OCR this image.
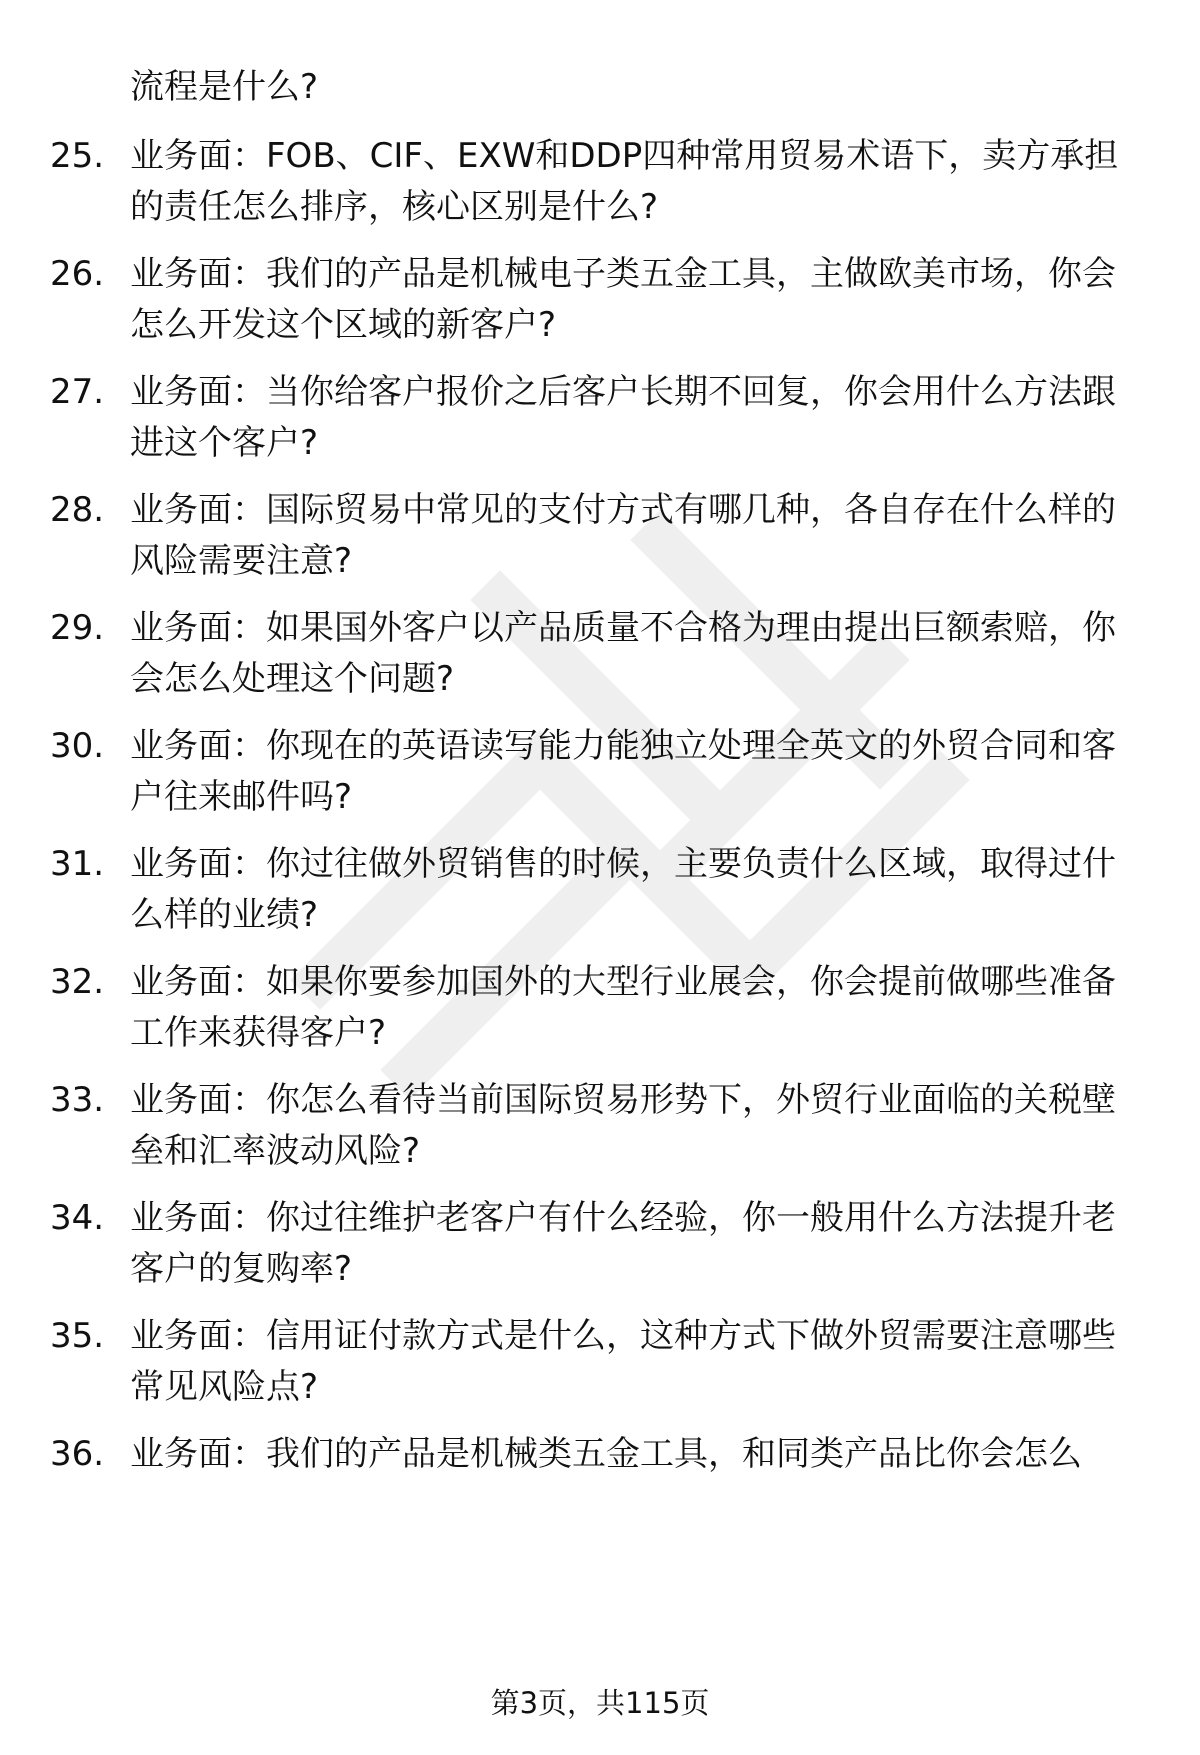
流程是什么?
25. 业务面：FOB、CIF、EXW和DDP四种常用贸易术语下，卖方承担的责任怎么排序，核心区别是什么?
26. 业务面：我们的产品是机械电子类五金工具，主做欧美市场，你会怎么开发这个区域的新客户?
27. 业务面：当你给客户报价之后客户长期不回复，你会用什么方法跟进这个客户?
28. 业务面：国际贸易中常见的支付方式有哪几种，各自存在什么样的风险需要注意?
29. 业务面：如果国外客户以产品质量不合格为理由提出巨额索赔，你会怎么处理这个问题?
30. 业务面：你现在的英语读写能力能独立处理全英文的外贸合同和客户往来邮件吗?
31. 业务面：你过往做外贸销售的时候，主要负责什么区域，取得过什么样的业绩?
32. 业务面：如果你要参加国外的大型行业展会，你会提前做哪些准备工作来获得客户?
33. 业务面：你怎么看待当前国际贸易形势下，外贸行业面临的关税壁垒和汇率波动风险?
34. 业务面：你过往维护老客户有什么经验，你一般用什么方法提升老客户的复购率?
35. 业务面：信用证付款方式是什么，这种方式下做外贸需要注意哪些常见风险点?
36. 业务面：我们的产品是机械类五金工具，和同类产品比你会怎么
第3页，共115页
